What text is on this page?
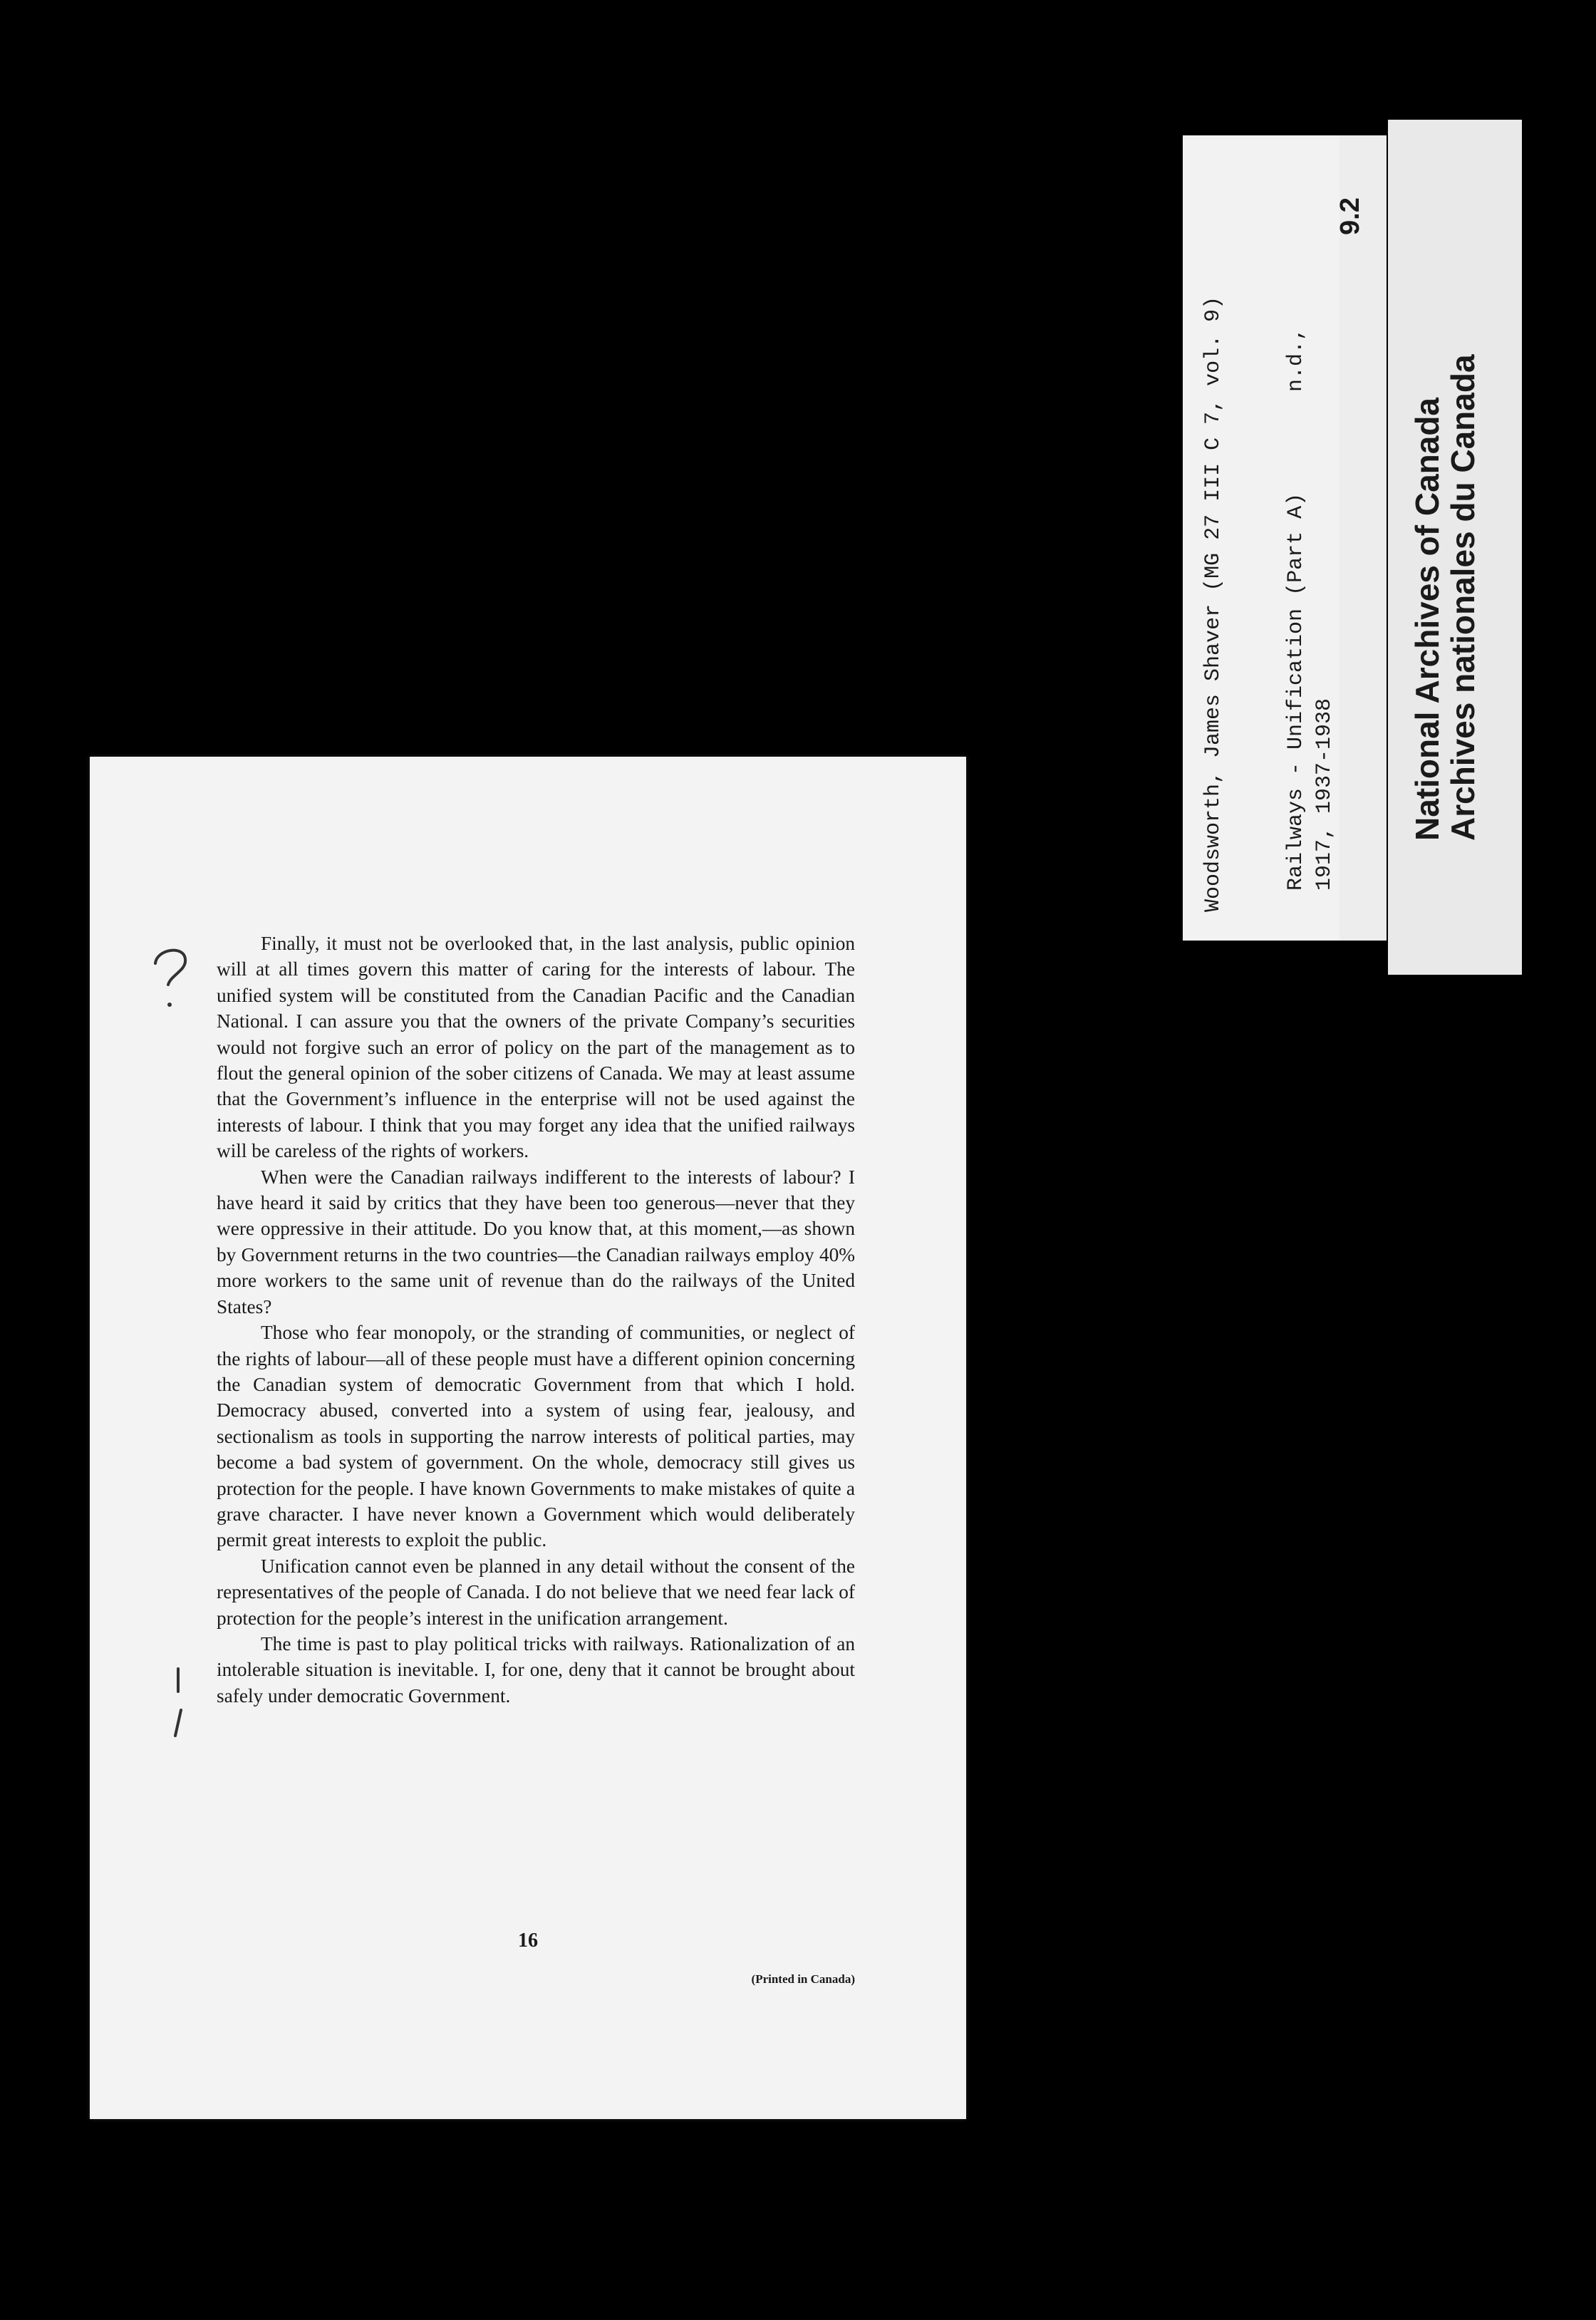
Finally, it must not be overlooked that, in the last analysis, public opinion will at all times govern this matter of caring for the interests of labour. The unified system will be constituted from the Canadian Pacific and the Canadian National. I can assure you that the owners of the private Company’s securities would not forgive such an error of policy on the part of the management as to flout the general opinion of the sober citizens of Canada. We may at least assume that the Government’s influence in the enterprise will not be used against the interests of labour. I think that you may forget any idea that the unified railways will be careless of the rights of workers.

When were the Canadian railways indifferent to the interests of labour? I have heard it said by critics that they have been too generous—never that they were oppressive in their attitude. Do you know that, at this moment,—as shown by Government returns in the two countries—the Canadian railways employ 40% more workers to the same unit of revenue than do the railways of the United States?

Those who fear monopoly, or the stranding of communities, or neglect of the rights of labour—all of these people must have a different opinion concerning the Canadian system of democratic Government from that which I hold. Democracy abused, converted into a system of using fear, jealousy, and sectionalism as tools in supporting the narrow interests of political parties, may become a bad system of government. On the whole, democracy still gives us protection for the people. I have known Governments to make mistakes of quite a grave character. I have never known a Government which would deliberately permit great interests to exploit the public.

Unification cannot even be planned in any detail without the consent of the representatives of the people of Canada. I do not believe that we need fear lack of protection for the people’s interest in the unification arrangement.

The time is past to play political tricks with railways. Rationalization of an intolerable situation is inevitable. I, for one, deny that it cannot be brought about safely under democratic Government.

16
(Printed in Canada)
Woodsworth, James Shaver (MG 27 III C 7, vol. 9)	Railways - Unification (Part A)
n.d.,
1917, 1937-1938
9.2
National Archives of Canada
Archives nationales du Canada
